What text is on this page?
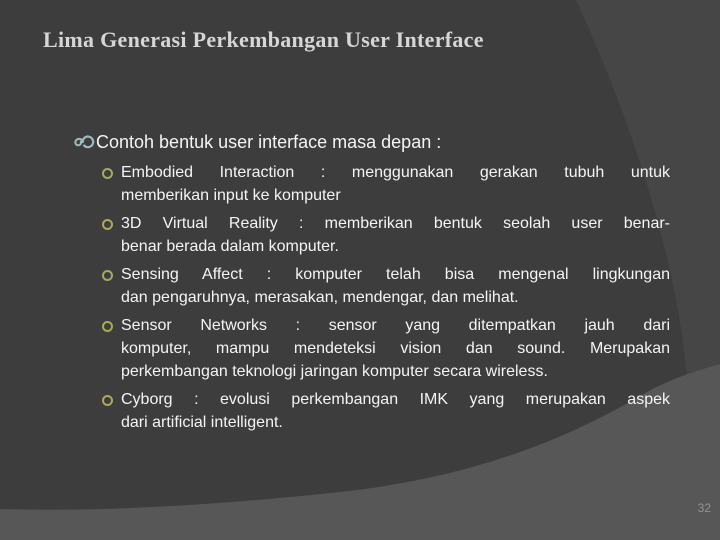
Lima Generasi Perkembangan User Interface
Contoh bentuk user interface masa depan :
Embodied Interaction : menggunakan gerakan tubuh untuk
memberikan input ke komputer
3D Virtual Reality : memberikan bentuk seolah user benar-
benar berada dalam komputer.
Sensing Affect : komputer telah bisa mengenal lingkungan
dan pengaruhnya, merasakan, mendengar, dan melihat.
Sensor Networks : sensor yang ditempatkan jauh dari
komputer, mampu mendeteksi vision dan sound. Merupakan
perkembangan teknologi jaringan komputer secara wireless.
Cyborg : evolusi perkembangan IMK yang merupakan aspek
dari artificial intelligent.
32
